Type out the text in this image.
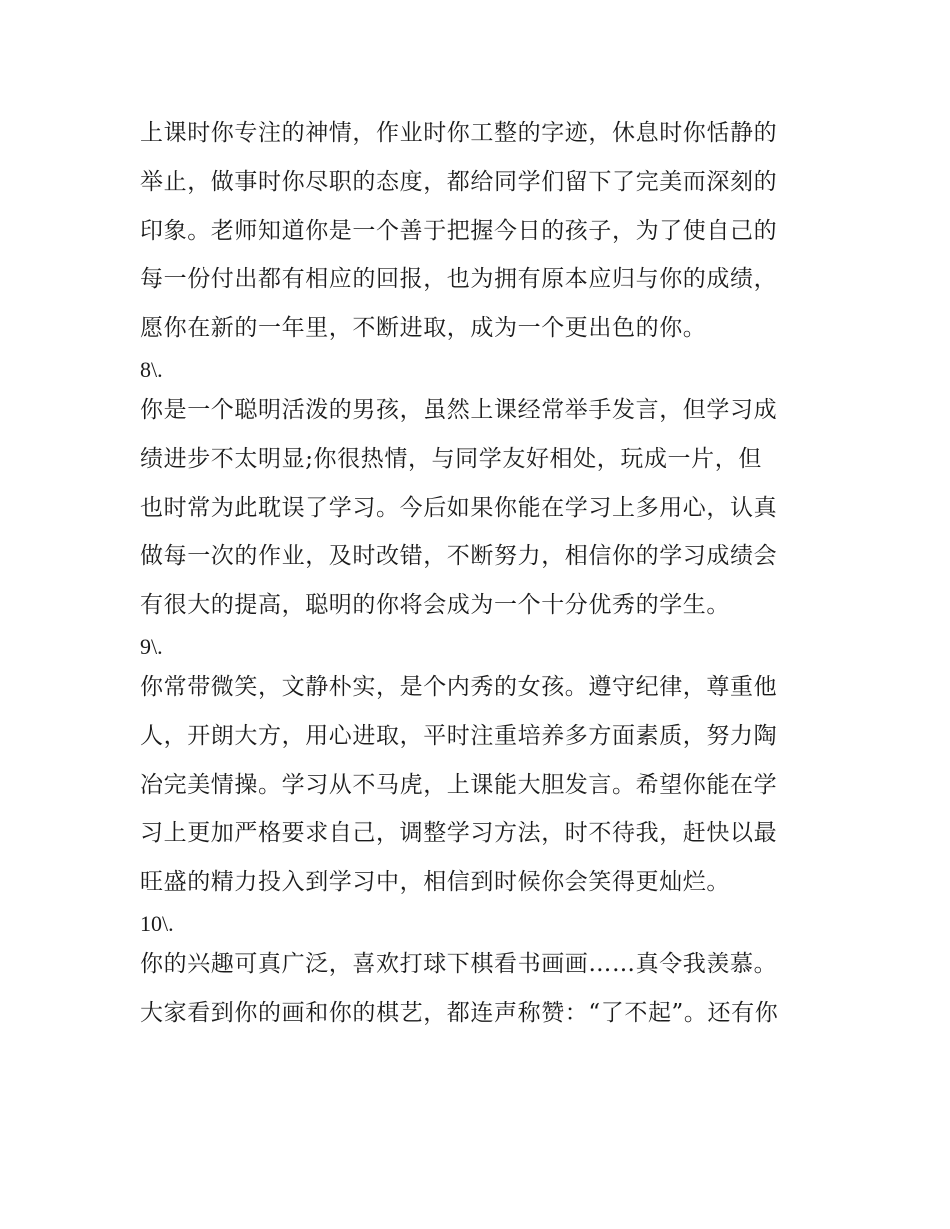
上课时你专注的神情，作业时你工整的字迹，休息时你恬静的
举止，做事时你尽职的态度，都给同学们留下了完美而深刻的
印象。老师知道你是一个善于把握今日的孩子，为了使自己的
每一份付出都有相应的回报，也为拥有原本应归与你的成绩，
愿你在新的一年里，不断进取，成为一个更出色的你。
8\.
你是一个聪明活泼的男孩，虽然上课经常举手发言，但学习成
绩进步不太明显;你很热情，与同学友好相处，玩成一片，但
也时常为此耽误了学习。今后如果你能在学习上多用心，认真
做每一次的作业，及时改错，不断努力，相信你的学习成绩会
有很大的提高，聪明的你将会成为一个十分优秀的学生。
9\.
你常带微笑，文静朴实，是个内秀的女孩。遵守纪律，尊重他
人，开朗大方，用心进取，平时注重培养多方面素质，努力陶
冶完美情操。学习从不马虎，上课能大胆发言。希望你能在学
习上更加严格要求自己，调整学习方法，时不待我，赶快以最
旺盛的精力投入到学习中，相信到时候你会笑得更灿烂。
10\.
你的兴趣可真广泛，喜欢打球下棋看书画画……真令我羡慕。
大家看到你的画和你的棋艺，都连声称赞：“了不起”。还有你
